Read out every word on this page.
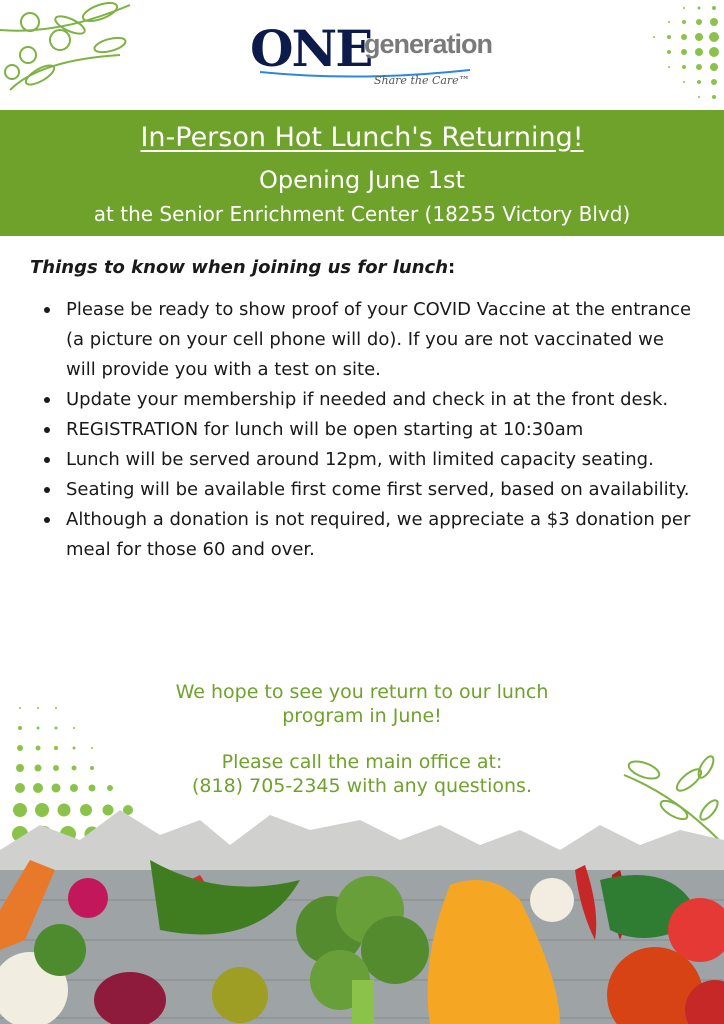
ONE
generation
Share the Care™
In-Person Hot Lunch's Returning!
Opening June 1st
at the Senior Enrichment Center (18255 Victory Blvd)
Things to know when joining us for lunch:
Please be ready to show proof of your COVID Vaccine at the entrance (a picture on your cell phone will do). If you are not vaccinated we will provide you with a test on site.
Update your membership if needed and check in at the front desk.
REGISTRATION for lunch will be open starting at 10:30am
Lunch will be served around 12pm, with limited capacity seating.
Seating will be available first come first served, based on availability.
Although a donation is not required, we appreciate a $3 donation per meal for those 60 and over.

We hope to see you return to our lunch

program in June!

Please call the main office at:

(818) 705-2345 with any questions.
